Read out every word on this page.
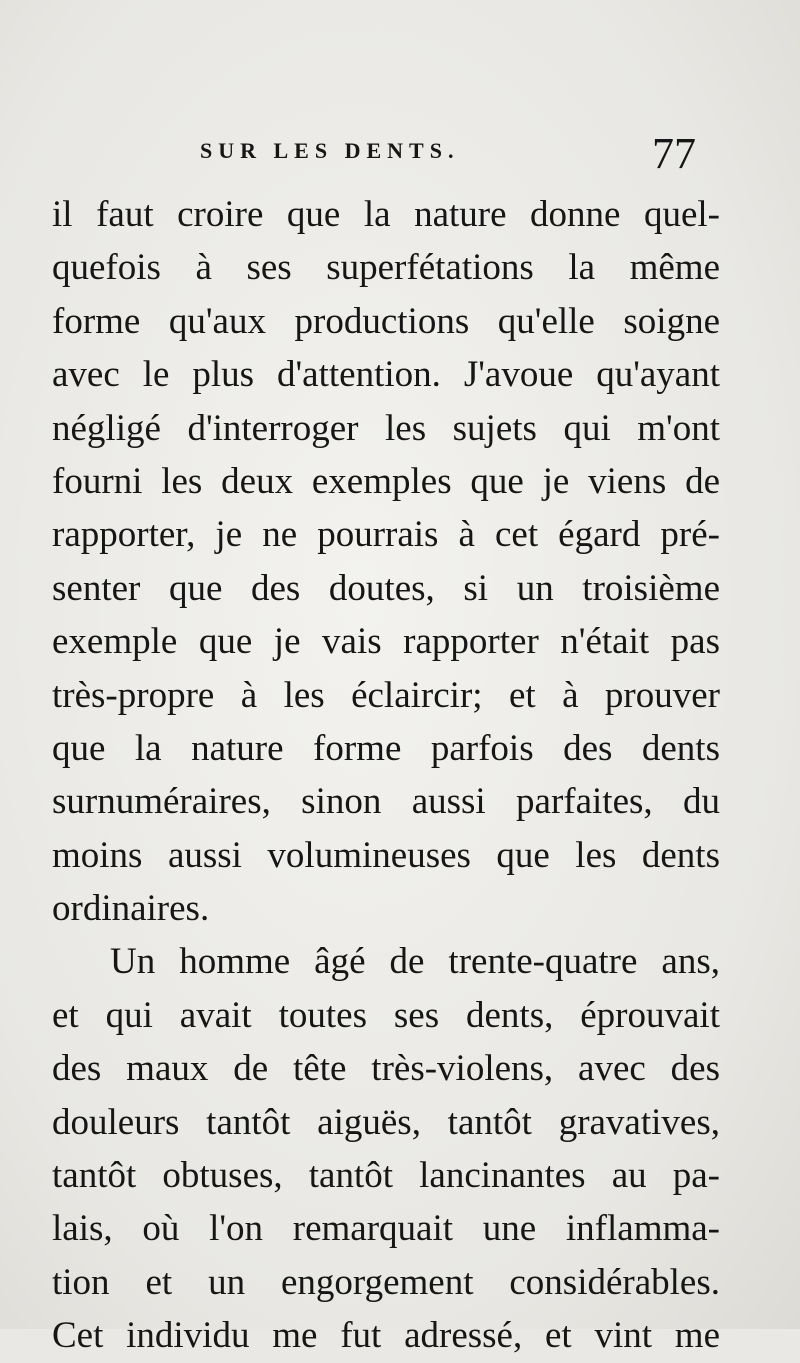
SUR LES DENTS.	77
il faut croire que la nature donne quel-
quefois à ses superfétations la même
forme qu'aux productions qu'elle soigne
avec le plus d'attention. J'avoue qu'ayant
négligé d'interroger les sujets qui m'ont
fourni les deux exemples que je viens de
rapporter, je ne pourrais à cet égard pré-
senter que des doutes, si un troisième
exemple que je vais rapporter n'était pas
très-propre à les éclaircir; et à prouver
que la nature forme parfois des dents
surnuméraires, sinon aussi parfaites, du
moins aussi volumineuses que les dents
ordinaires.
Un homme âgé de trente-quatre ans,
et qui avait toutes ses dents, éprouvait
des maux de tête très-violens, avec des
douleurs tantôt aiguës, tantôt gravatives,
tantôt obtuses, tantôt lancinantes au pa-
lais, où l'on remarquait une inflamma-
tion et un engorgement considérables.
Cet individu me fut adressé, et vint me
